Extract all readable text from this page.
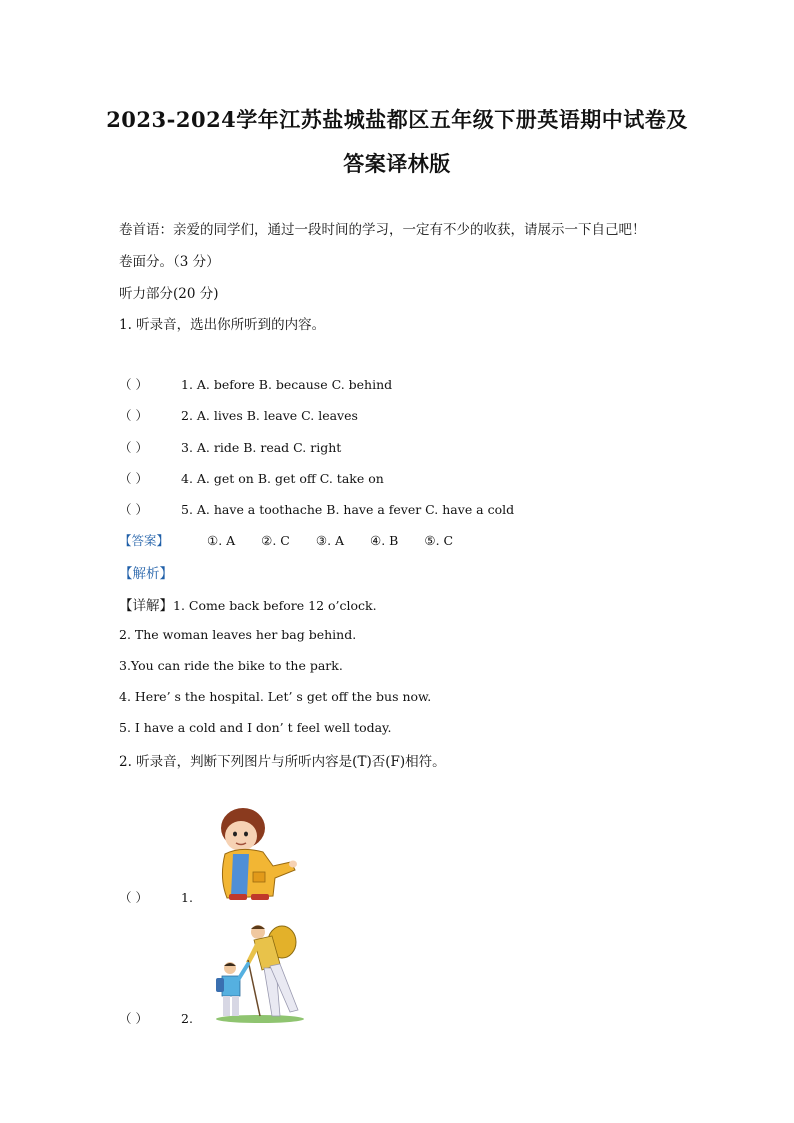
2023-2024学年江苏盐城盐都区五年级下册英语期中试卷及
答案译林版
卷首语：亲爱的同学们，通过一段时间的学习，一定有不少的收获，请展示一下自己吧！
卷面分。（3 分）
听力部分(20 分)
1. 听录音，选出你所听到的内容。
（ ）	1. A. before B. because C. behind
（ ）	2. A. lives B. leave C. leaves
（ ）	3. A. ride B. read C. right
（ ）	4. A. get on B. get off C. take on
（ ）	5. A. have a toothache B. have a fever C. have a cold
【答案】	①. A ②. C ③. A ④. B ⑤. C
【解析】
【详解】1. Come back before 12 o’clock.
2. The woman leaves her bag behind.
3.You can ride the bike to the park.
4. Here’ s the hospital. Let’ s get off the bus now.
5. I have a cold and I don’ t feel well today.
2. 听录音，判断下列图片与所听内容是(T)否(F)相符。
（ ）	1.
（ ）	2.
